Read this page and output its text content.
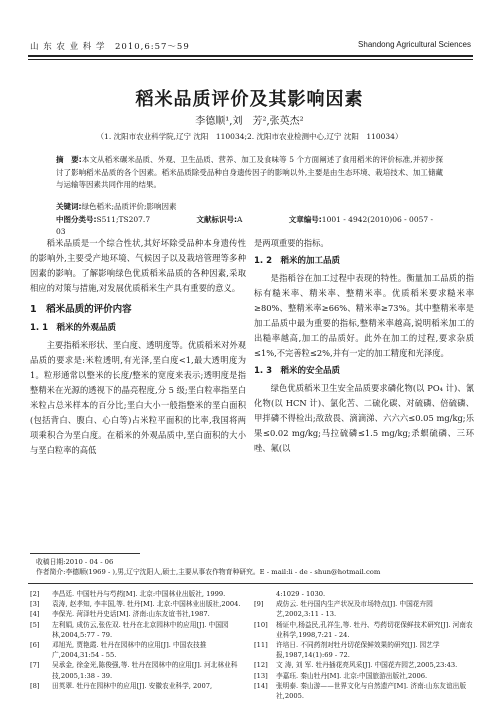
山 东 农 业 科 学　2010,6:57～59	Shandong Agricultural Sciences
稻米品质评价及其影响因素
李德顺¹,刘　芳²,张英杰²
（1. 沈阳市农业科学院,辽宁 沈阳　110034;2. 沈阳市农业检测中心,辽宁 沈阳　110034）
摘　要:本文从稻米碾米品质、外观、卫生品质、营养、加工及食味等 5 个方面阐述了食用稻米的评价标准,并初步探讨了影响稻米品质的各个因素。稻米品质除受品种自身遗传因子的影响以外,主要是由生态环境、栽培技术、加工储藏与运输等因素共同作用的结果。
关键词:绿色稻米;品质评价;影响因素
中图分类号:S511;TS207.7	文献标识号:A	文章编号:1001 - 4942(2010)06 - 0057 - 03

稻米品质是一个综合性状,其好坏除受品种本身遗传性的影响外,主要受产地环境、气候因子以及栽培管理等多种因素的影响。了解影响绿色优质稻米品质的各种因素,采取相应的对策与措施,对发展优质稻米生产具有重要的意义。

1　稻米品质的评价内容
1. 1　稻米的外观品质

主要指稻米形状、垩白度、透明度等。优质稻米对外观品质的要求是:米粒透明,有光泽,垩白度<1,最大透明度为 1。粒形通常以整米的长度/整米的宽度来表示;透明度是指整精米在光源的透视下的晶亮程度,分 5 级;垩白粒率指垩白米粒占总米样本的百分比;垩白大小一般指整米的垩白面积(包括背白、腹白、心白等)占米粒平面积的比率,我国将两项乘积合为垩白度。在稻米的外观品质中,垩白面积的大小与垩白粒率的高低

是两项重要的指标。

1. 2　稻米的加工品质

是指稻谷在加工过程中表现的特性。衡量加工品质的指标有糙米率、精米率、整精米率。优质稻米要求糙米率≥80%、整精米率≥66%、精米率≥73%。其中整精米率是加工品质中最为重要的指标,整精米率越高,说明稻米加工的出糙率越高,加工的品质好。此外在加工的过程,要求杂质≤1%,不完善粒≤2%,并有一定的加工精度和光泽度。

1. 3　稻米的安全品质

绿色优质稻米卫生安全品质要求磷化物(以 PO₄ 计)、氰化物(以 HCN 计)、氯化苦、二硫化碳、对硫磷、倍硫磷、甲拌磷不得检出;敌敌畏、滴滴涕、六六六≤0.05 mg/kg;乐果≤0.02 mg/kg;马拉硫磷≤1.5 mg/kg;杀螟硫磷、三环唑、氟(以

收稿日期:2010 - 04 - 06
作者简介:李德顺(1969 - ),男,辽宁沈阳人,硕士,主要从事农作物育种研究。E - mail:li - de - shun@hotmail.com
[2]	李昌廷. 中国牡丹与芍药[M]. 北京:中国林业出版社, 1999.
[3]	袁涛, 赵孝知, 李丰国,等. 牡丹[M]. 北京:中国林业出版社,2004.
[4]	李保光. 菏泽牡丹史话[M]. 济南:山东友谊书社,1987.
[5]	左利娟, 成仿云,张佐双. 牡丹在北京园林中的应用[J]. 中国园林,2004,5:77 - 79.
[6]	邓旭光, 贾艳霞. 牡丹在园林中的应用[J]. 中国农技推广,2004,31:54 - 55.
[7]	吴承金, 徐金光,陈俊强,等. 牡丹在园林中的应用[J]. 河北林业科技,2005,1:38 - 39.
[8]	田英翠. 牡丹在园林中的应用[J]. 安徽农业科学, 2007,
4:1029 - 1030.
[9]	成仿云. 牡丹国内生产状况及市场特点[J]. 中国花卉园艺,2002,3:11 - 13.
[10]	杨证中,杨益民,孔祥生,等. 牡丹、芍药切花保鲜技术研究[J]. 河南农业科学,1998,7:21 - 24.
[11]	许培日. 不同药剂对牡丹切花保鲜效果的研究[J]. 园艺学报,1987,14(1):69 - 72.
[12]	文 涛, 刘 军. 牡丹插花亮风采[J]. 中国花卉园艺,2005,23:43.
[13]	李嘉珏. 秦山牡丹[M]. 北京:中国旅游出版社,2006.
[14]	张明泰. 秦山游——世界文化与自然遗产[M]. 济南:山东友谊出版社,2005.
